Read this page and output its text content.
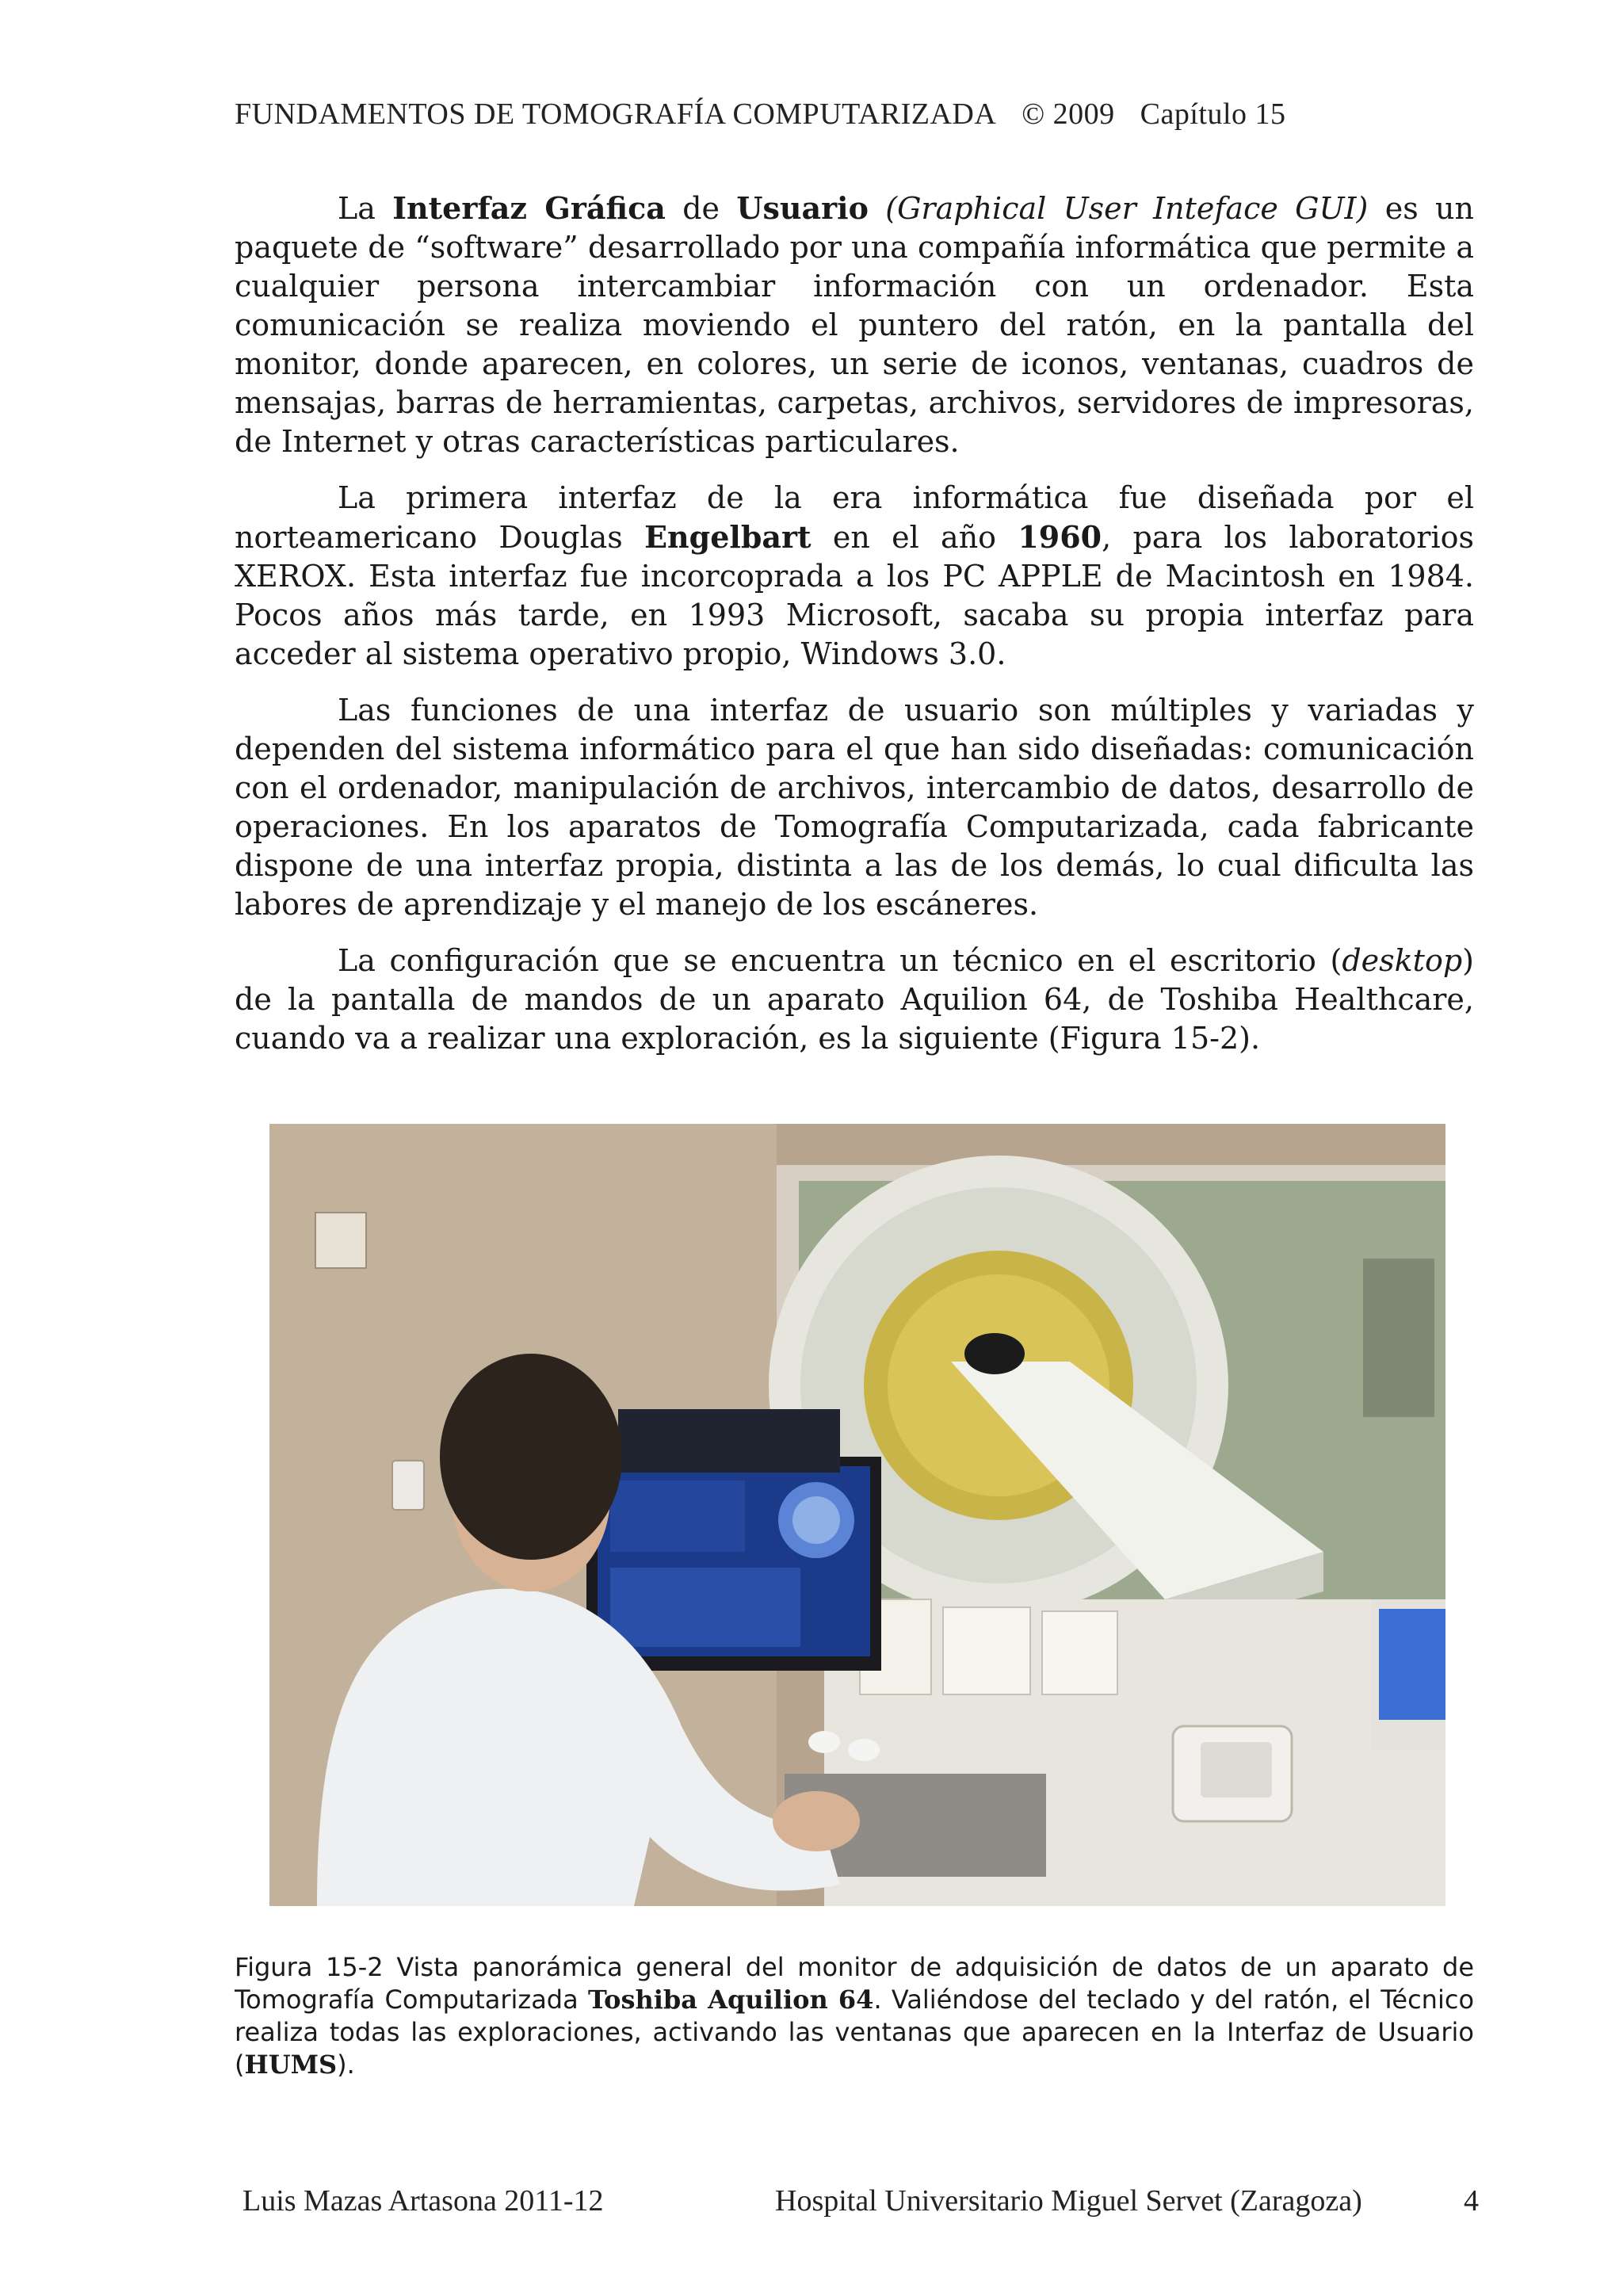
FUNDAMENTOS DE TOMOGRAFÍA COMPUTARIZADA © 2009 Capítulo 15

La Interfaz Gráfica de Usuario (Graphical User Inteface GUI) es un paquete de “software” desarrollado por una compañía informática que permite a cualquier persona intercambiar información con un ordenador. Esta comunicación se realiza moviendo el puntero del ratón, en la pantalla del monitor, donde aparecen, en colores, un serie de iconos, ventanas, cuadros de mensajas, barras de herramientas, carpetas, archivos, servidores de impresoras, de Internet y otras características particulares.

La primera interfaz de la era informática fue diseñada por el norteamericano Douglas Engelbart en el año 1960, para los laboratorios XEROX. Esta interfaz fue incorcoprada a los PC APPLE de Macintosh en 1984. Pocos años más tarde, en 1993 Microsoft, sacaba su propia interfaz para acceder al sistema operativo propio, Windows 3.0.

Las funciones de una interfaz de usuario son múltiples y variadas y dependen del sistema informático para el que han sido diseñadas: comunicación con el ordenador, manipulación de archivos, intercambio de datos, desarrollo de operaciones. En los aparatos de Tomografía Computarizada, cada fabricante dispone de una interfaz propia, distinta a las de los demás, lo cual dificulta las labores de aprendizaje y el manejo de los escáneres.

La configuración que se encuentra un técnico en el escritorio (desktop) de la pantalla de mandos de un aparato Aquilion 64, de Toshiba Healthcare, cuando va a realizar una exploración, es la siguiente (Figura 15-2).

Figura 15-2 Vista panorámica general del monitor de adquisición de datos de un aparato de Tomografía Computarizada Toshiba Aquilion 64. Valiéndose del teclado y del ratón, el Técnico realiza todas las exploraciones, activando las ventanas que aparecen en la Interfaz de Usuario (HUMS).
Luis Mazas Artasona 2011-12	Hospital Universitario Miguel Servet (Zaragoza)	4
